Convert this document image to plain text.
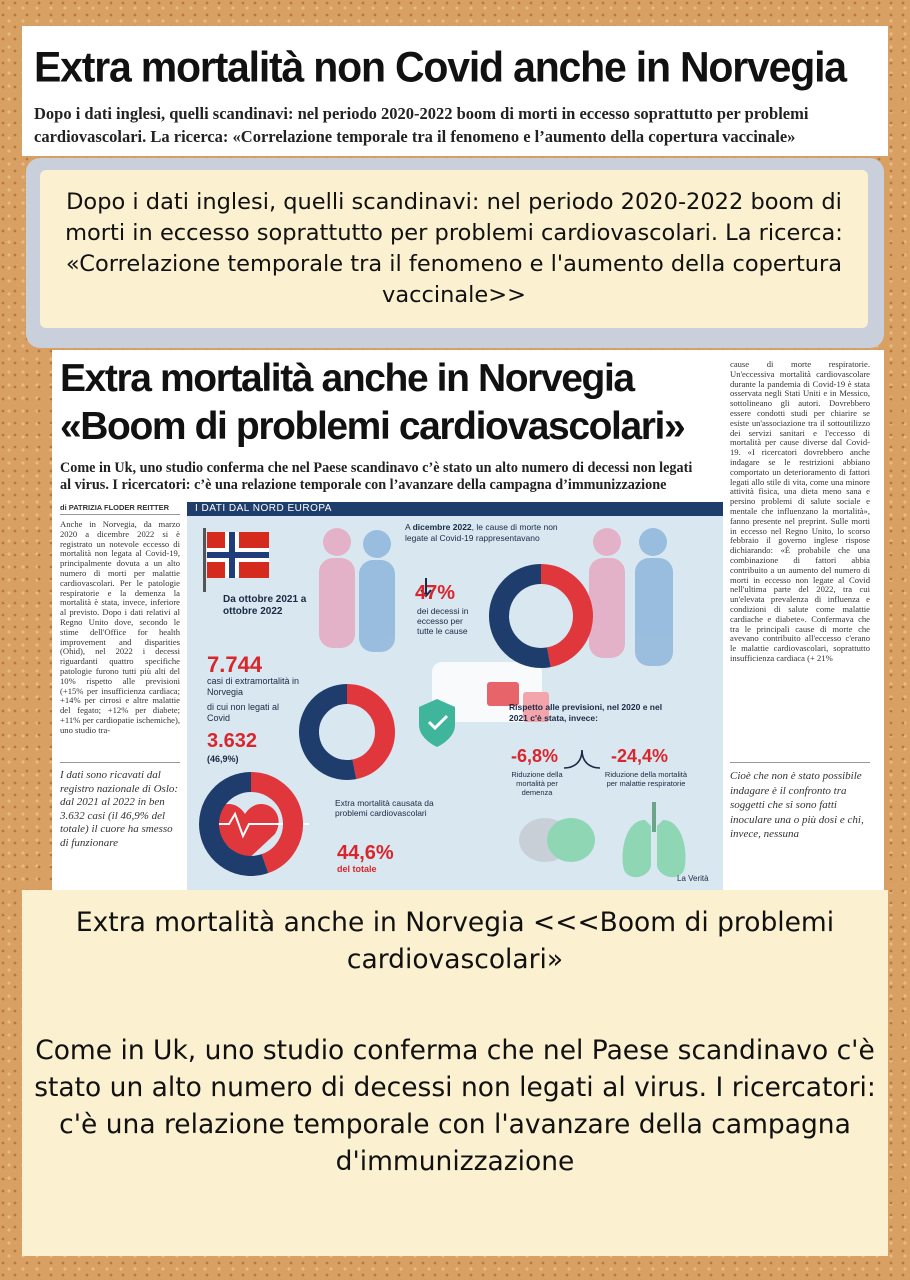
Extra mortalità non Covid anche in Norvegia
Dopo i dati inglesi, quelli scandinavi: nel periodo 2020-2022 boom di morti in eccesso soprattutto per problemi cardiovascolari. La ricerca: «Correlazione temporale tra il fenomeno e l’aumento della copertura vaccinale»

Dopo i dati inglesi, quelli scandinavi: nel periodo 2020-2022 boom di morti in eccesso soprattutto per problemi cardiovascolari. La ricerca: «Correlazione temporale tra il fenomeno e l'aumento della copertura vaccinale>>

Extra mortalità anche in Norvegia
«Boom di problemi cardiovascolari»
Come in Uk, uno studio conferma che nel Paese scandinavo c’è stato un alto numero di decessi non legati al virus. I ricercatori: c’è una relazione temporale con l’avanzare della campagna d’immunizzazione
di PATRIZIA FLODER REITTER
Anche in Norvegia, da marzo 2020 a dicembre 2022 si è registrato un notevole eccesso di mortalità non legata al Covid-19, principalmente dovuta a un alto numero di morti per malattie cardiovascolari. Per le patologie respiratorie e la demenza la mortalità è stata, invece, inferiore al previsto. Dopo i dati relativi al Regno Unito dove, secondo le stime dell'Office for health improvement and disparities (Ohid), nel 2022 i decessi riguardanti quattro specifiche patologie furono tutti più alti del 10% rispetto alle previsioni (+15% per insufficienza cardiaca; +14% per cirrosi e altre malattie del fegato; +12% per diabete; +11% per cardiopatie ischemiche), uno studio tra-
I dati sono ricavati dal registro nazionale di Oslo: dal 2021 al 2022 in ben 3.632 casi (il 46,9% del totale) il cuore ha smesso di funzionare
cause di morte respiratorie. Un'eccessiva mortalità cardiovascolare durante la pandemia di Covid-19 è stata osservata negli Stati Uniti e in Messico, sottolineano gli autori. Dovrebbero essere condotti studi per chiarire se esiste un'associazione tra il sottoutilizzo dei servizi sanitari e l'eccesso di mortalità per cause diverse dal Covid-19. «I ricercatori dovrebbero anche indagare se le restrizioni abbiano comportato un deterioramento di fattori legati allo stile di vita, come una minore attività fisica, una dieta meno sana e persino problemi di salute sociale e mentale che influenzano la mortalità», fanno presente nel preprint. Sulle morti in eccesso nel Regno Unito, lo scorso febbraio il governo inglese rispose dichiarando: «È probabile che una combinazione di fattori abbia contribuito a un aumento del numero di morti in eccesso non legate al Covid nell'ultima parte del 2022, tra cui un'elevata prevalenza di influenza e condizioni di salute come malattie cardiache e diabete». Confermava che tra le principali cause di morte che avevano contribuito all'eccesso c'erano le malattie cardiovascolari, soprattutto insufficienza cardiaca (+ 21%
Cioè che non è stato possibile indagare è il confronto tra soggetti che si sono fatti inoculare una o più dosi e chi, invece, nessuna
I DATI DAL NORD EUROPA
Da ottobre 2021 a ottobre 2022
7.744
casi di extramortalità in Norvegia
di cui non legati al Covid
3.632
(46,9%)
A dicembre 2022, le cause di morte non legate al Covid-19 rappresentavano
47%
dei decessi in eccesso per tutte le cause
Extra mortalità causata da problemi cardiovascolari
44,6%
del totale
Rispetto alle previsioni, nel 2020 e nel 2021 c'è stata, invece:
-6,8%
Riduzione della mortalità per demenza
-24,4%
Riduzione della mortalità per malattie respiratorie
La Verità
Extra mortalità anche in Norvegia <<<Boom di problemi cardiovascolari»

Come in Uk, uno studio conferma che nel Paese scandinavo c'è stato un alto numero di decessi non legati al virus. I ricercatori: c'è una relazione temporale con l'avanzare della campagna d'immunizzazione
